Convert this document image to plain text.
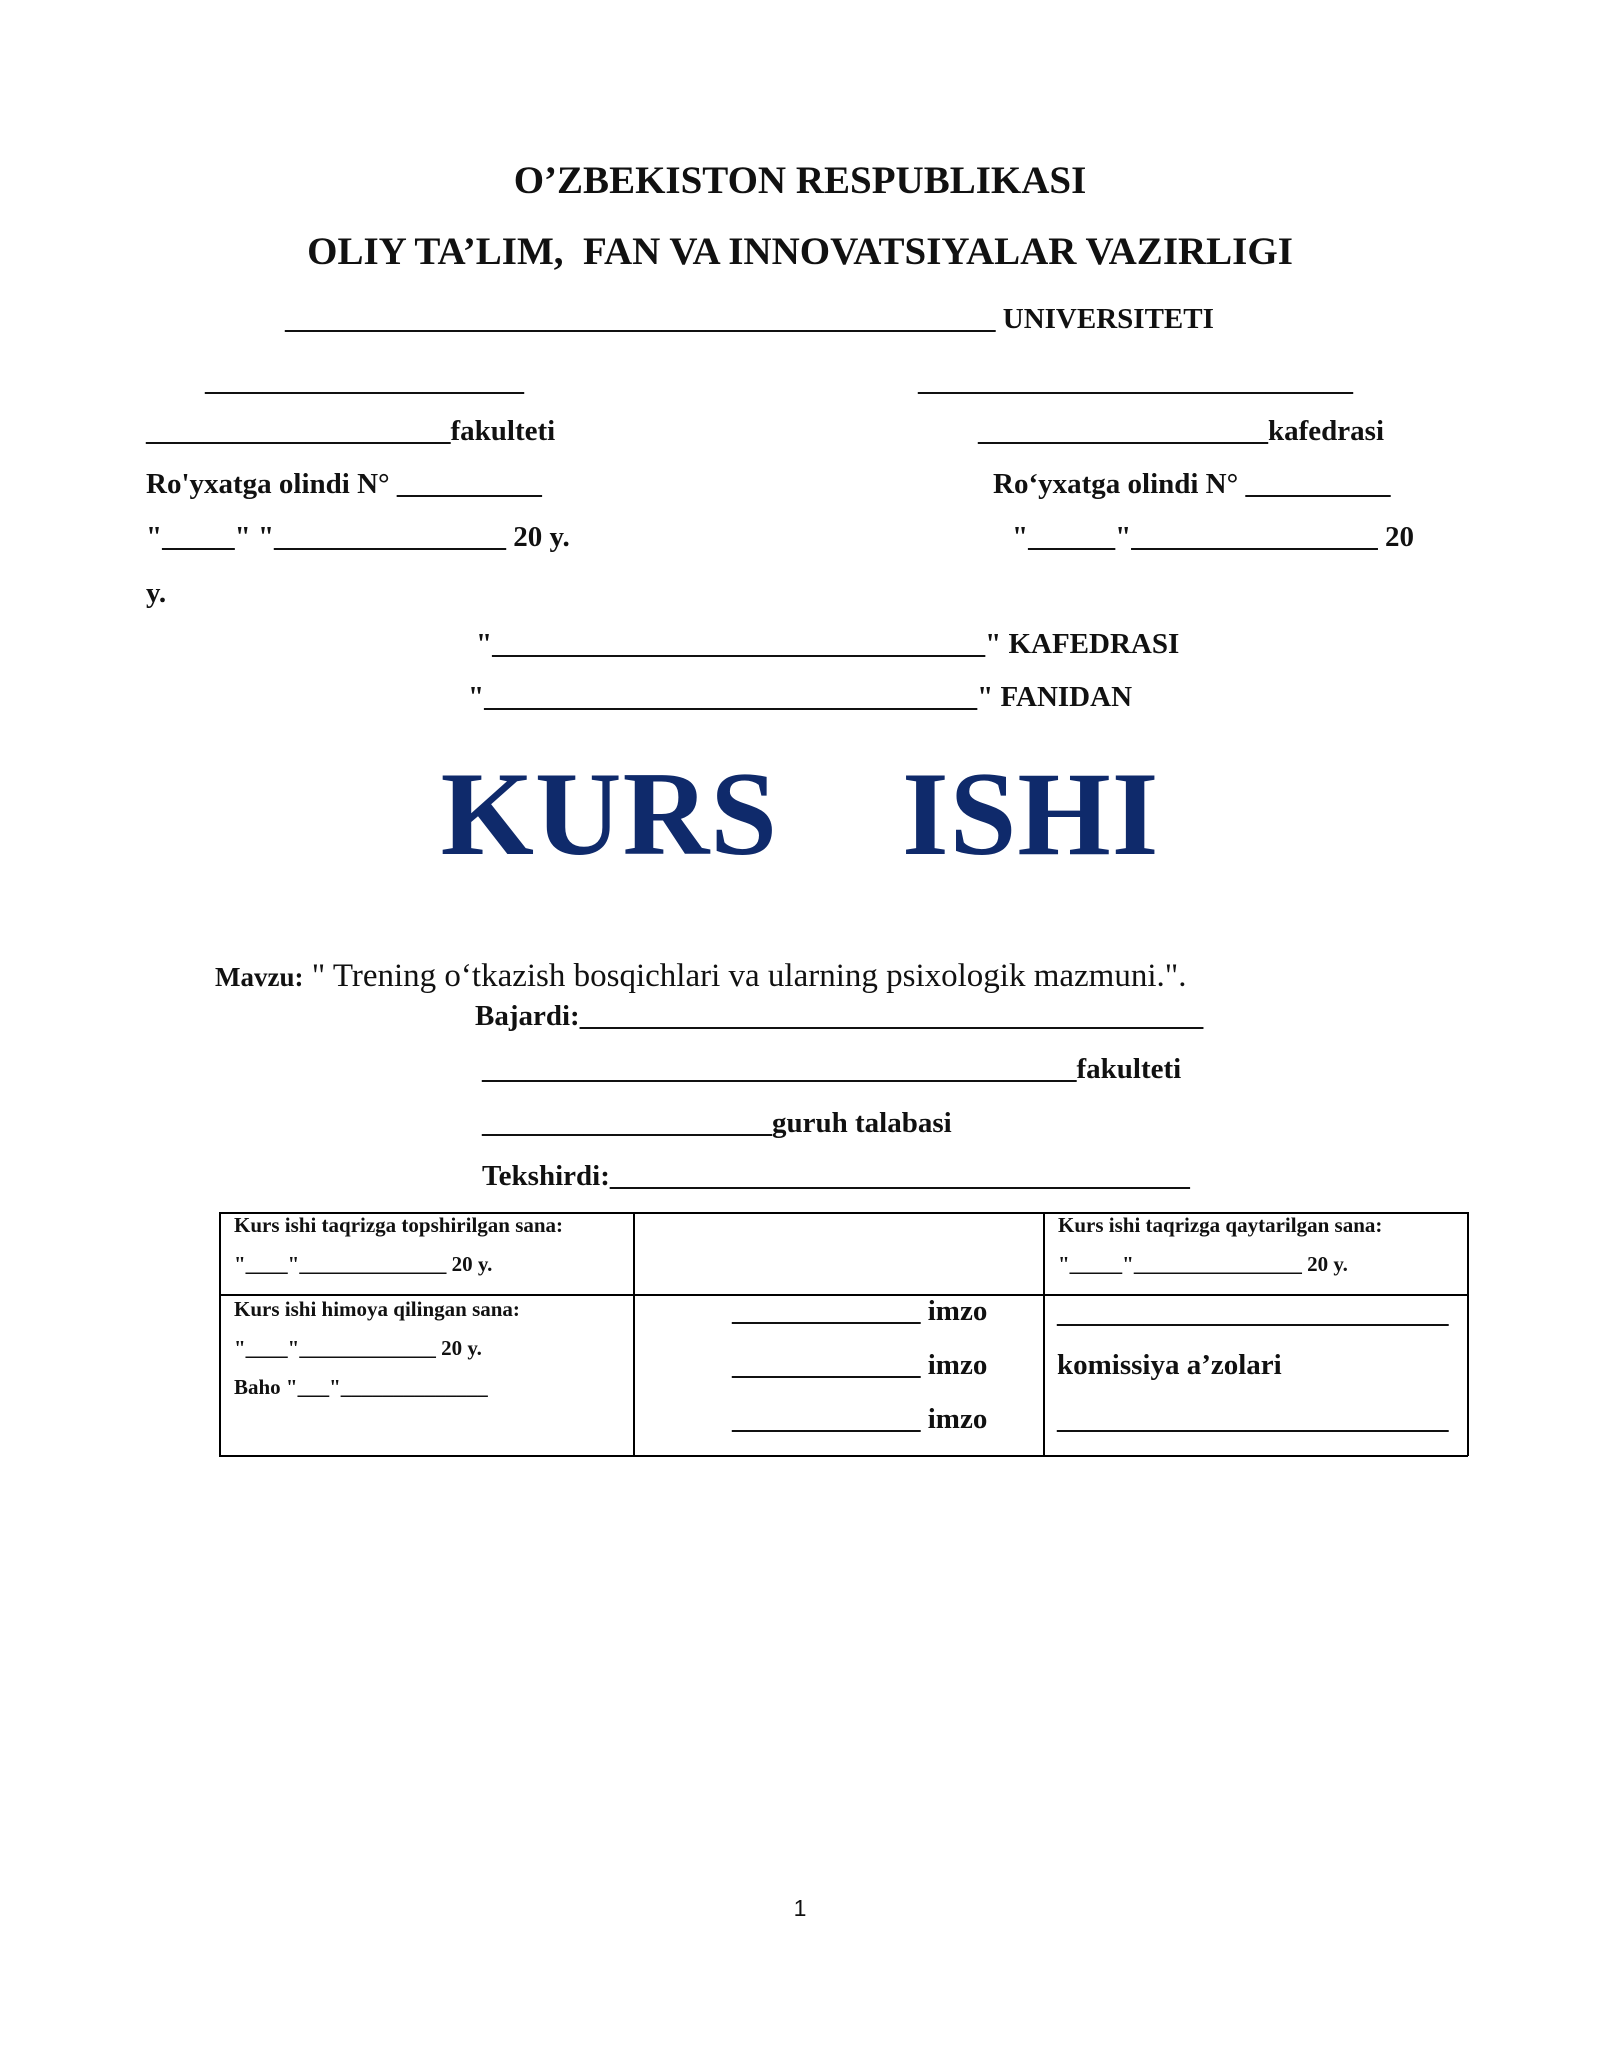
O’ZBEKISTON RESPUBLIKASI
OLIY TA’LIM,  FAN VA INNOVATSIYALAR VAZIRLIGI
_________________________________________________ UNIVERSITETI
______________________
_____________________fakulteti
Ro'yxatga olindi N° __________
"_____" "________________ 20 y.
y.
______________________________
____________________kafedrasi
Ro‘yxatga olindi N° __________
"______"_________________ 20
"__________________________________" KAFEDRASI
"__________________________________" FANIDAN
KURS    ISHI
Mavzu: " Trening o‘tkazish bosqichlari va ularning psixologik mazmuni.".
Bajardi:___________________________________________
_________________________________________fakulteti
____________________guruh talabasi
Tekshirdi:________________________________________
Kurs ishi taqrizga topshirilgan sana:
"____"______________ 20 y.
Kurs ishi taqrizga qaytarilgan sana:
"_____"________________ 20 y.
Kurs ishi himoya qilingan sana:
"____"_____________ 20 y.
Baho "___"______________
_____________ imzo
_____________ imzo
_____________ imzo
___________________________
komissiya a’zolari
___________________________
1
